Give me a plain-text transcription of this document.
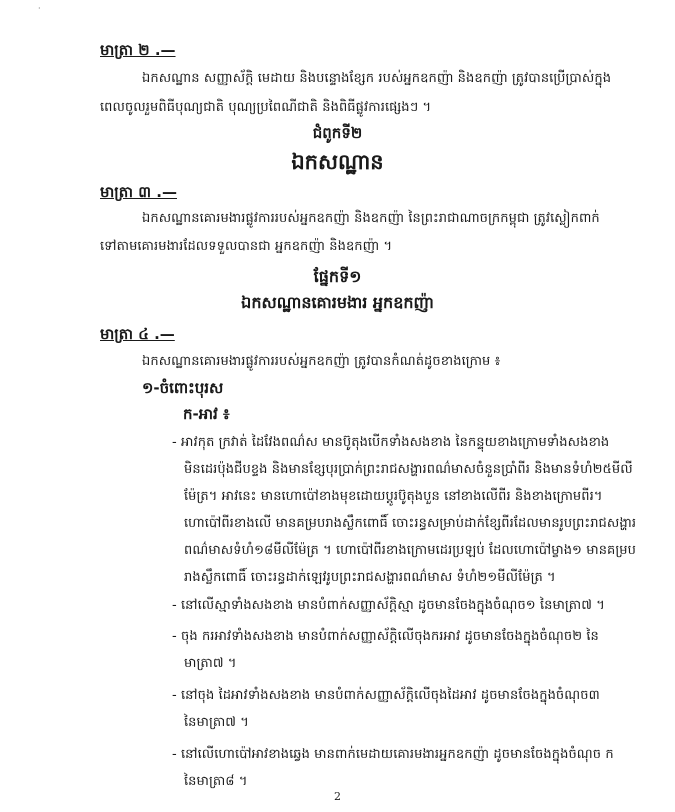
·
មាត្រា ២ .—
ឯកសណ្ឋាន សញ្ញាស័ក្តិ មេដាយ និងបន្ទោងខ្សែក របស់អ្នកឧកញ៉ា និងឧកញ៉ា ត្រូវបានប្រើប្រាស់ក្នុង
ពេលចូលរួមពិធីបុណ្យជាតិ បុណ្យប្រពៃណីជាតិ និងពិធីផ្លូវការផ្សេងៗ ។
ជំពូកទី២
ឯកសណ្ឋាន
មាត្រា ៣ .—
ឯកសណ្ឋានគោរមងារផ្លូវការរបស់អ្នកឧកញ៉ា និងឧកញ៉ា នៃព្រះរាជាណាចក្រកម្ពុជា ត្រូវស្លៀកពាក់
ទៅតាមគោរមងារដែលទទួលបានជា អ្នកឧកញ៉ា និងឧកញ៉ា ។
ផ្នែកទី១
ឯកសណ្ឋានគោរមងារ អ្នកឧកញ៉ា
មាត្រា ៤ .—
ឯកសណ្ឋានគោរមងារផ្លូវការរបស់អ្នកឧកញ៉ា ត្រូវបានកំណត់ដូចខាងក្រោម ៖
១-ចំពោះបុរស
ក-អាវ ៖
- អាវកុត ក្រវាត់ ដៃវែងពណ៌ស មានប៊ូតុងបើកទាំងសងខាង នៃកន្ទុយខាងក្រោមទាំងសងខាង
មិនដេរប៉ុងជីបខ្ទង និងមានខ្សែបុរប្រាក់ព្រះរាជសង្ហារពណ៌មាសចំនួនប្រាំពីរ និងមានទំហំ២៥មីលី
ម៉ែត្រ។ អាវនេះ មានហោប៉ៅខាងមុខដោយប្តូរប៊ូតុងបួន នៅខាងលើពីរ និងខាងក្រោមពីរ។
ហោប៉ៅពីរខាងលើ មានគម្របរាងស្លឹកពោធិ៍ ចោះរន្ធសម្រាប់ដាក់ខ្សែពីរដែលមានរូបព្រះរាជសង្ហារ
ពណ៌មាសទំហំ១៨មីលីម៉ែត្រ ។ ហោប៉ៅពីរខាងក្រោមដេរប្រឡប់ ដែលហោប៉ៅម្ខាង១ មានគម្រប
រាងស្លឹកពោធិ៍ ចោះរន្ធដាក់ឡេវរូបព្រះរាជសង្ហារពណ៌មាស ទំហំ២១មីលីម៉ែត្រ ។
- នៅលើស្មាទាំងសងខាង មានបំពាក់សញ្ញាស័ក្តិស្មា ដូចមានចែងក្នុងចំណុច១ នៃមាត្រា៧ ។
- ចុង ករអាវទាំងសងខាង មានបំពាក់សញ្ញាស័ក្តិលើចុងករអាវ ដូចមានចែងក្នុងចំណុច២ នៃ
មាត្រា៧ ។
- នៅចុង ដៃអាវទាំងសងខាង មានបំពាក់សញ្ញាស័ក្តិលើចុងដៃអាវ ដូចមានចែងក្នុងចំណុច៣
នៃមាត្រា៧ ។
- នៅលើហោប៉ៅអាវខាងឆ្វេង មានពាក់មេដាយគោរមងារអ្នកឧកញ៉ា ដូចមានចែងក្នុងចំណុច ក
នៃមាត្រា៨ ។
2
